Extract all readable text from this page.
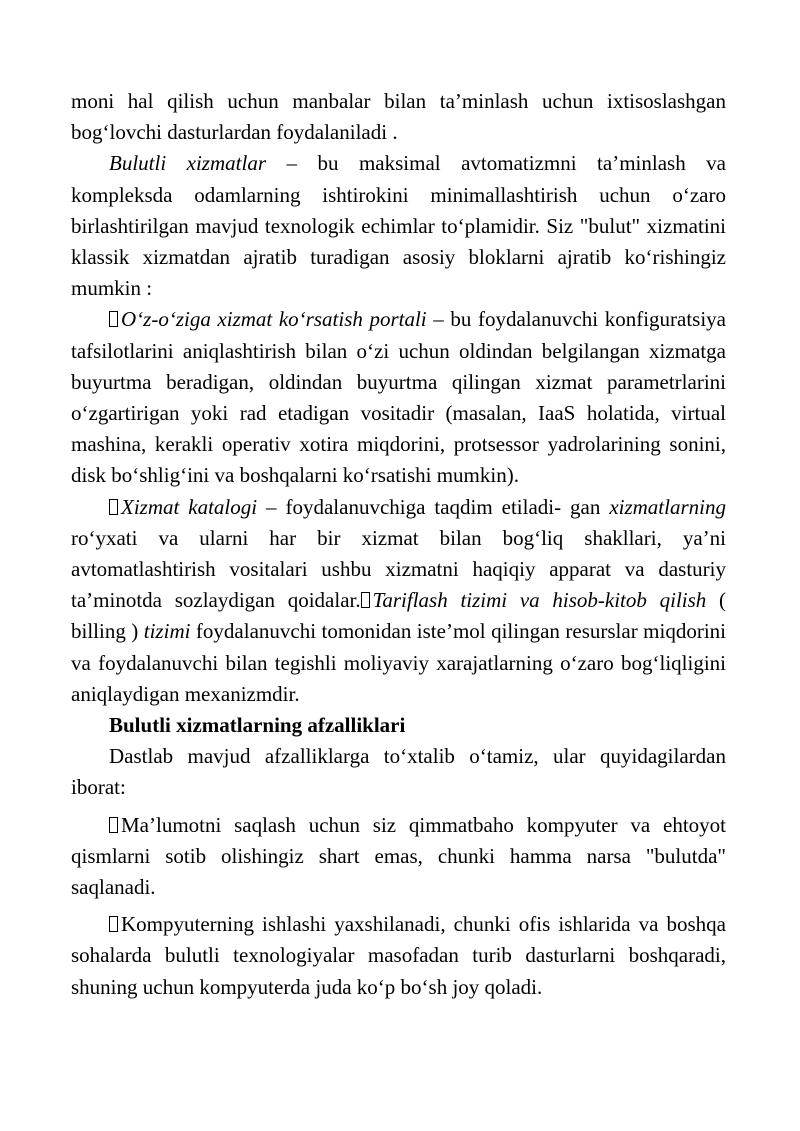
moni hal qilish uchun manbalar bilan ta’minlash uchun ixtisoslashgan bog‘lovchi dasturlardan foydalaniladi .

Bulutli xizmatlar – bu maksimal avtomatizmni ta’minlash va kompleksda odamlarning ishtirokini minimallashtirish uchun o‘zaro birlashtirilgan mavjud texnologik echimlar to‘plamidir. Siz "bulut" xizmatini klassik xizmatdan ajratib turadigan asosiy bloklarni ajratib ko‘rishingiz mumkin :

O‘z-o‘ziga xizmat ko‘rsatish portali – bu foydalanuvchi konfiguratsiya tafsilotlarini aniqlashtirish bilan o‘zi uchun oldindan belgilangan xizmatga buyurtma beradigan, oldindan buyurtma qilingan xizmat parametrlarini o‘zgartirigan yoki rad etadigan vositadir (masalan, IaaS holatida, virtual mashina, kerakli operativ xotira miqdorini, protsessor yadrolarining sonini, disk bo‘shlig‘ini va boshqalarni ko‘rsatishi mumkin).

Xizmat katalogi – foydalanuvchiga taqdim etiladi- gan xizmatlarning ro‘yxati va ularni har bir xizmat bilan bog‘liq shakllari, ya’ni avtomatlashtirish vositalari ushbu xizmatni haqiqiy apparat va dasturiy ta’minotda sozlaydigan qoidalar. Tariflash tizimi va hisob-kitob qilish ( billing ) tizimi foydalanuvchi tomonidan iste’mol qilingan resurslar miqdorini va foydalanuvchi bilan tegishli moliyaviy xarajatlarning o‘zaro bog‘liqligini aniqlaydigan mexanizmdir.

Bulutli xizmatlarning afzalliklari

Dastlab mavjud afzalliklarga to‘xtalib o‘tamiz, ular quyidagilardan iborat:

Ma’lumotni saqlash uchun siz qimmatbaho kompyuter va ehtoyot qismlarni sotib olishingiz shart emas, chunki hamma narsa "bulutda" saqlanadi.

Kompyuterning ishlashi yaxshilanadi, chunki ofis ishlarida va boshqa sohalarda bulutli texnologiyalar masofadan turib dasturlarni boshqaradi, shuning uchun kompyuterda juda ko‘p bo‘sh joy qoladi.
